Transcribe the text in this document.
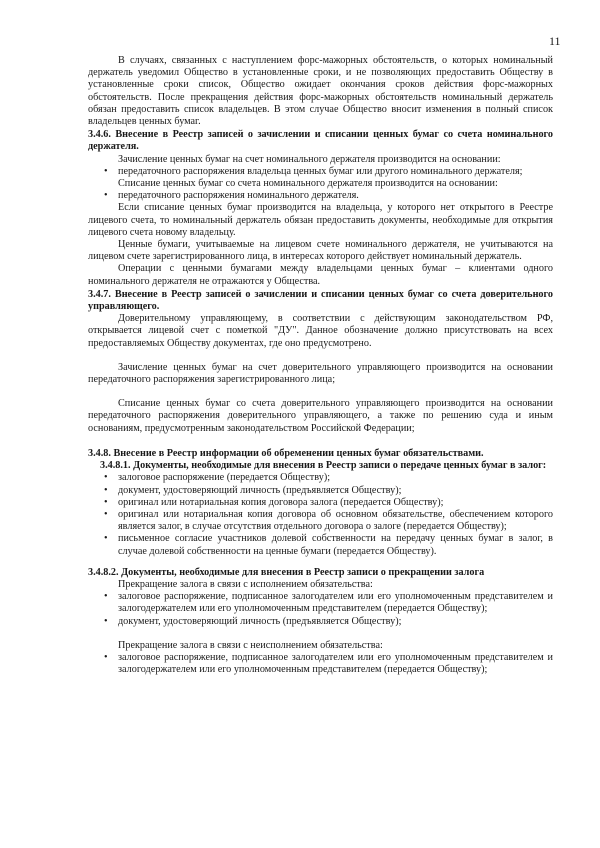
11

В случаях, связанных с наступлением форс-мажорных обстоятельств, о которых номинальный держатель уведомил Общество в установленные сроки, и не позволяющих предоставить Обществу в установленные сроки список, Общество ожидает окончания сроков действия форс-мажорных обстоятельств. После прекращения действия форс-мажорных обстоятельств номинальный держатель обязан предоставить список владельцев. В этом случае Общество вносит изменения в полный список владельцев ценных бумаг.

3.4.6. Внесение в Реестр записей о зачислении и списании ценных бумаг со счета номинального держателя.

Зачисление ценных бумаг на счет номинального держателя производится на основании:

• передаточного распоряжения владельца ценных бумаг или другого номинального держателя;

Списание ценных бумаг со счета номинального держателя производится на основании:

• передаточного распоряжения номинального держателя.

Если списание ценных бумаг производится на владельца, у которого нет открытого в Реестре лицевого счета, то номинальный держатель обязан предоставить документы, необходимые для открытия лицевого счета новому владельцу.

Ценные бумаги, учитываемые на лицевом счете номинального держателя, не учитываются на лицевом счете зарегистрированного лица, в интересах которого действует номинальный держатель.

Операции с ценными бумагами между владельцами ценных бумаг – клиентами одного номинального держателя не отражаются у Общества.

3.4.7. Внесение в Реестр записей о зачислении и списании ценных бумаг со счета доверительного управляющего.

Доверительному управляющему, в соответствии с действующим законодательством РФ, открывается лицевой счет с пометкой "ДУ". Данное обозначение должно присутствовать на всех предоставляемых Обществу документах, где оно предусмотрено.

Зачисление ценных бумаг на счет доверительного управляющего производится на основании передаточного распоряжения зарегистрированного лица;

Списание ценных бумаг со счета доверительного управляющего производится на основании передаточного распоряжения доверительного управляющего, а также по решению суда и иным основаниям, предусмотренным законодательством Российской Федерации;

3.4.8. Внесение в Реестр информации об обременении ценных бумаг обязательствами.

3.4.8.1. Документы, необходимые для внесения в Реестр записи о передаче ценных бумаг в залог:

• залоговое распоряжение (передается Обществу);
• документ, удостоверяющий личность (предъявляется Обществу);
• оригинал или нотариальная копия договора залога (передается Обществу);
• оригинал или нотариальная копия договора об основном обязательстве, обеспечением которого является залог, в случае отсутствия отдельного договора о залоге (передается Обществу);
• письменное согласие участников долевой собственности на передачу ценных бумаг в залог, в случае долевой собственности на ценные бумаги (передается Обществу).

3.4.8.2. Документы, необходимые для внесения в Реестр записи о прекращении залога

Прекращение залога в связи с исполнением обязательства:

• залоговое распоряжение, подписанное залогодателем или его уполномоченным представителем и залогодержателем или его уполномоченным представителем (передается Обществу);
• документ, удостоверяющий личность (предъявляется Обществу);

Прекращение залога в связи с неисполнением обязательства:

• залоговое распоряжение, подписанное залогодателем или его уполномоченным представителем и залогодержателем или его уполномоченным представителем (передается Обществу);
